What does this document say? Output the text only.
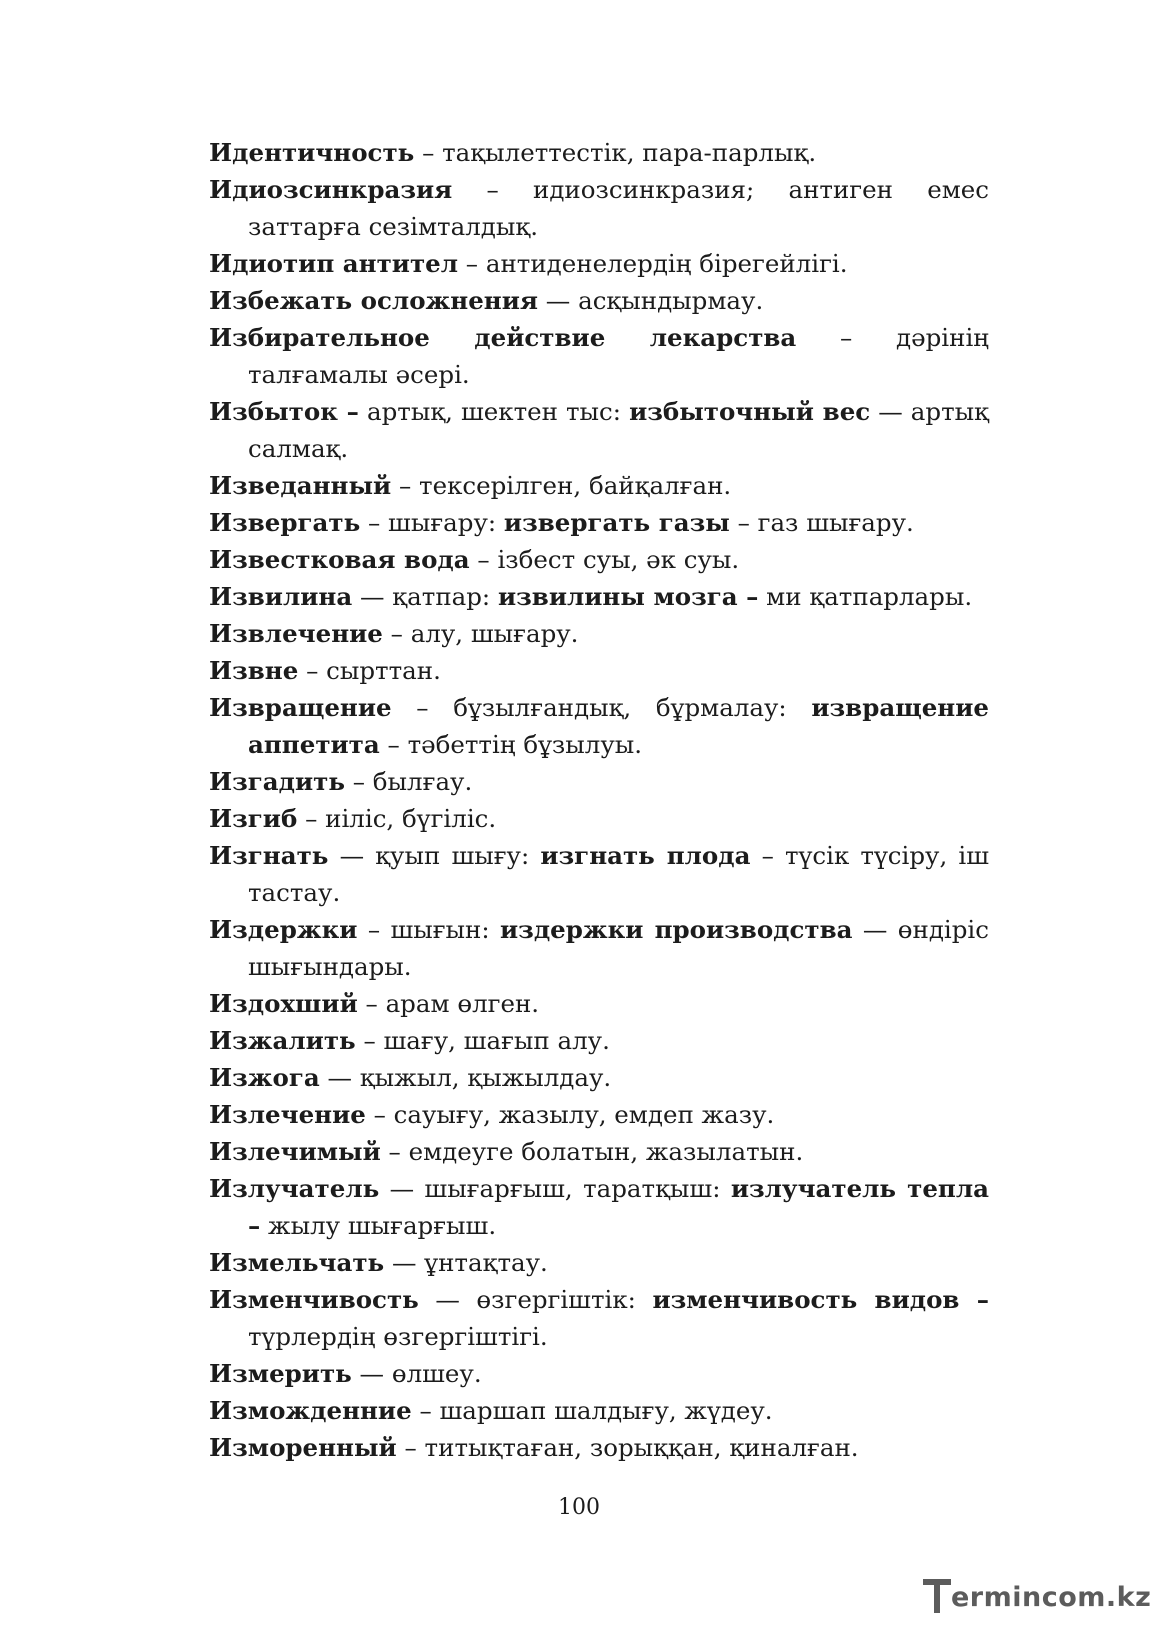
Идентичность – тақылеттестік, пара-парлық.
Идиозсинкразия – идиозсинкразия; антиген емес заттарға сезімталдық.
Идиотип антител – антиденелердің бірегейлігі.
Избежать осложнения — асқындырмау.
Избирательное действие лекарства – дәрінің талғамалы әсері.
Избыток – артық, шектен тыс: избыточный вес — артық салмақ.
Изведанный – тексерілген, байқалған.
Извергать – шығару: извергать газы – газ шығару.
Известковая вода – ізбест суы, әк суы.
Извилина — қатпар: извилины мозга – ми қатпарлары.
Извлечение – алу, шығару.
Извне – сырттан.
Извращение – бұзылғандық, бұрмалау: извращение аппетита – тәбеттің бұзылуы.
Изгадить – былғау.
Изгиб – иіліс, бүгіліс.
Изгнать — қуып шығу: изгнать плода – түсік түсіру, іш тастау.
Издержки – шығын: издержки производства — өндіріс шығындары.
Издохший – арам өлген.
Изжалить – шағу, шағып алу.
Изжога — қыжыл, қыжылдау.
Излечение – сауығу, жазылу, емдеп жазу.
Излечимый – емдеуге болатын, жазылатын.
Излучатель — шығарғыш, таратқыш: излучатель тепла – жылу шығарғыш.
Измельчать — ұнтақтау.
Изменчивость — өзгергіштік: изменчивость видов – түрлердің өзгергіштігі.
Измерить — өлшеу.
Изможденние – шаршап шалдығу, жүдеу.
Изморенный – титықтаған, зорыққан, қиналған.
100
ermincom.kz
